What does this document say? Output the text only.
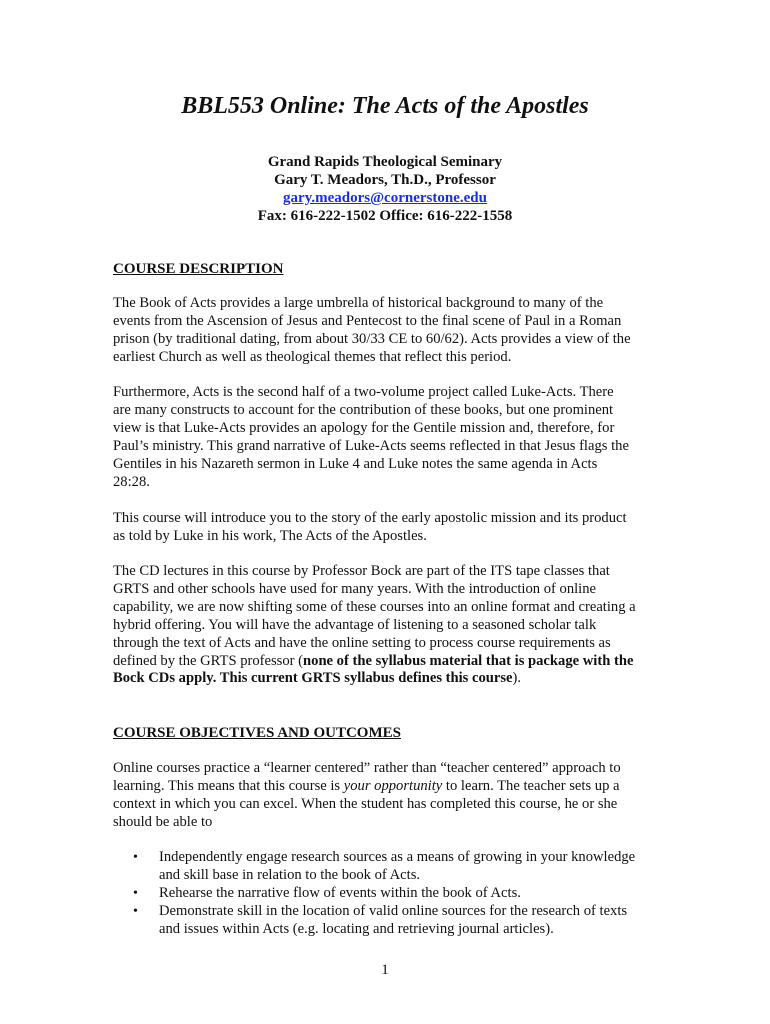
BBL553 Online: The Acts of the Apostles
Grand Rapids Theological Seminary
Gary T. Meadors, Th.D., Professor
gary.meadors@cornerstone.edu
Fax: 616-222-1502 Office: 616-222-1558
COURSE DESCRIPTION
The Book of Acts provides a large umbrella of historical background to many of the
events from the Ascension of Jesus and Pentecost to the final scene of Paul in a Roman
prison (by traditional dating, from about 30/33 CE to 60/62). Acts provides a view of the
earliest Church as well as theological themes that reflect this period.
Furthermore, Acts is the second half of a two-volume project called Luke-Acts. There
are many constructs to account for the contribution of these books, but one prominent
view is that Luke-Acts provides an apology for the Gentile mission and, therefore, for
Paul’s ministry. This grand narrative of Luke-Acts seems reflected in that Jesus flags the
Gentiles in his Nazareth sermon in Luke 4 and Luke notes the same agenda in Acts
28:28.
This course will introduce you to the story of the early apostolic mission and its product
as told by Luke in his work, The Acts of the Apostles.
The CD lectures in this course by Professor Bock are part of the ITS tape classes that
GRTS and other schools have used for many years. With the introduction of online
capability, we are now shifting some of these courses into an online format and creating a
hybrid offering. You will have the advantage of listening to a seasoned scholar talk
through the text of Acts and have the online setting to process course requirements as
defined by the GRTS professor (none of the syllabus material that is package with the
Bock CDs apply. This current GRTS syllabus defines this course).
COURSE OBJECTIVES AND OUTCOMES
Online courses practice a “learner centered” rather than “teacher centered” approach to
learning. This means that this course is your opportunity to learn. The teacher sets up a
context in which you can excel. When the student has completed this course, he or she
should be able to
• Independently engage research sources as a means of growing in your knowledge
and skill base in relation to the book of Acts.
• Rehearse the narrative flow of events within the book of Acts.
• Demonstrate skill in the location of valid online sources for the research of texts
and issues within Acts (e.g. locating and retrieving journal articles).
1
